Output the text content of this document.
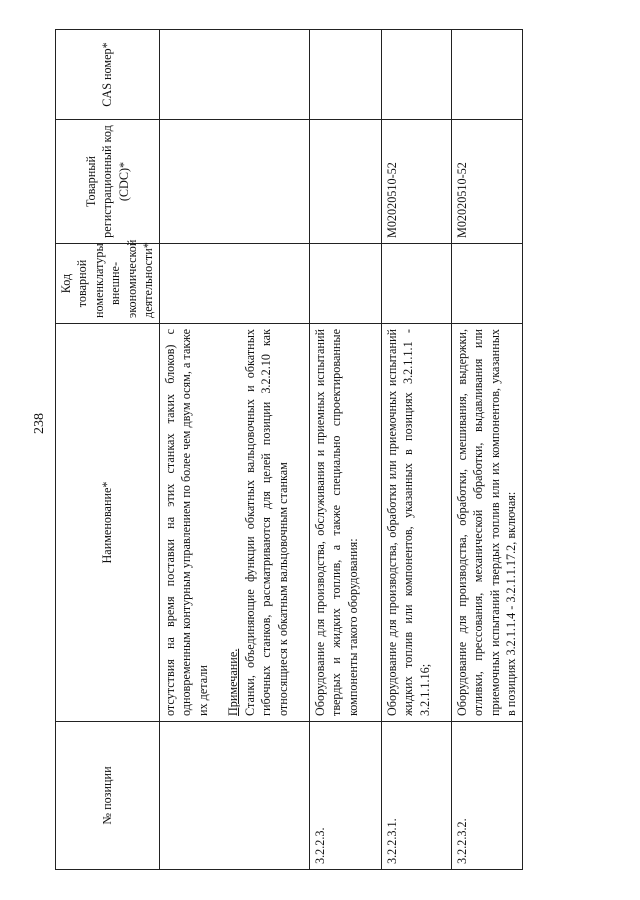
238
№ позиции	Наименование*	Код товарной номенклатуры внешне-экономической деятельности*	Товарный регистрационный код (CDC)*	CAS номер*

	отсутствия на время поставки на этих станках таких блоков) с одновременным контурным управлением по более чем двум осям, а также их детали Примечание. Станки, объединяющие функции обкатных вальцовочных и обкатных гибочных станков, рассматриваются для целей позиции 3.2.2.10 как относящиеся к обкатным вальцовочным станкам			

3.2.2.3.	Оборудование для производства, обслуживания и приемных испытаний твердых и жидких топлив, а также специально спроектированные компоненты такого оборудования:			
3.2.2.3.1.	Оборудование для производства, обработки или приемочных испытаний жидких топлив или компонентов, указанных в позициях 3.2.1.1.1 - 3.2.1.1.16;		M02020510-52	
3.2.2.3.2.	Оборудование для производства, обработки, смешивания, выдержки, отливки, прессования, механической обработки, выдавливания или приемочных испытаний твердых топлив или их компонентов, указанных в позициях 3.2.1.1.4 - 3.2.1.1.17.2, включая:		M02020510-52	
